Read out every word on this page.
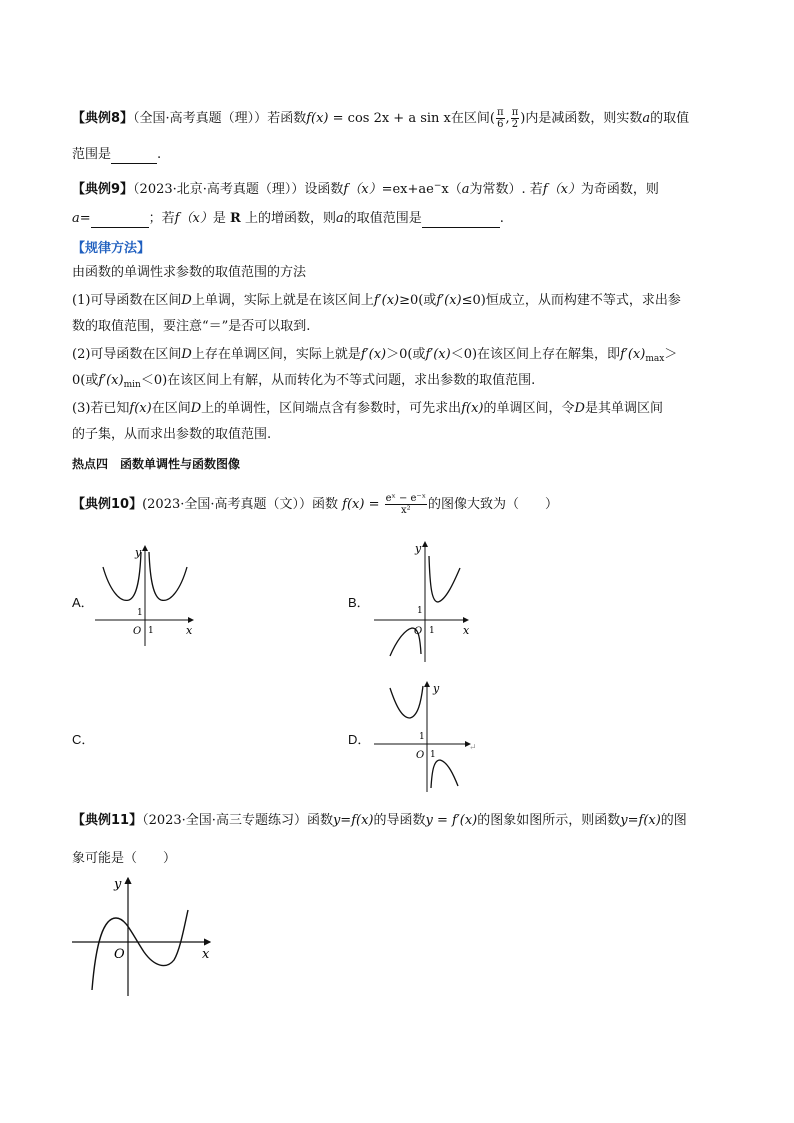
【典例8】（全国·高考真题（理））若函数f(x) = cos 2x + a sin x在区间( $\frac{\pi}{6}$ , $\frac{\pi}{2}$ )内是减函数，则实数a的取值
范围是	.
【典例9】（2023·北京·高考真题（理））设函数f（x）=ex+ae−x（a为常数）. 若f（x）为奇函数，则
a=	；若f（x）是 R 上的增函数，则a的取值范围是	.
【规律方法】
由函数的单调性求参数的取值范围的方法
(1)可导函数在区间D上单调，实际上就是在该区间上f′(x)≥0(或f′(x)≤0)恒成立，从而构建不等式，求出参
数的取值范围，要注意“＝”是否可以取到.
(2)可导函数在区间D上存在单调区间，实际上就是f′(x)＞0(或f′(x)＜0)在该区间上存在解集，即$f'(x)_{max}>$
0(或$f'(x)_{min}<0$)在该区间上有解，从而转化为不等式问题，求出参数的取值范围.
(3)若已知f(x)在区间D上的单调性，区间端点含有参数时，可先求出f(x)的单调区间，令D是其单调区间
的子集，从而求出参数的取值范围.
热点四　函数单调性与函数图像
【典例10】(2023·全国·高考真题（文））函数 $f(x) = \frac{\text{eˣ − e⁻ˣ}}{\text{x²}}$ 的图像大致为（　　）
A．	B．
C．	D．
y
O 1
1
x
y
O 1
1
x
y
O 1
1
↵
【典例11】（2023·全国·高三专题练习）函数y=f(x)的导函数y = f′(x)的图象如图所示，则函数y=f(x)的图
象可能是（　　）
y
O	x
